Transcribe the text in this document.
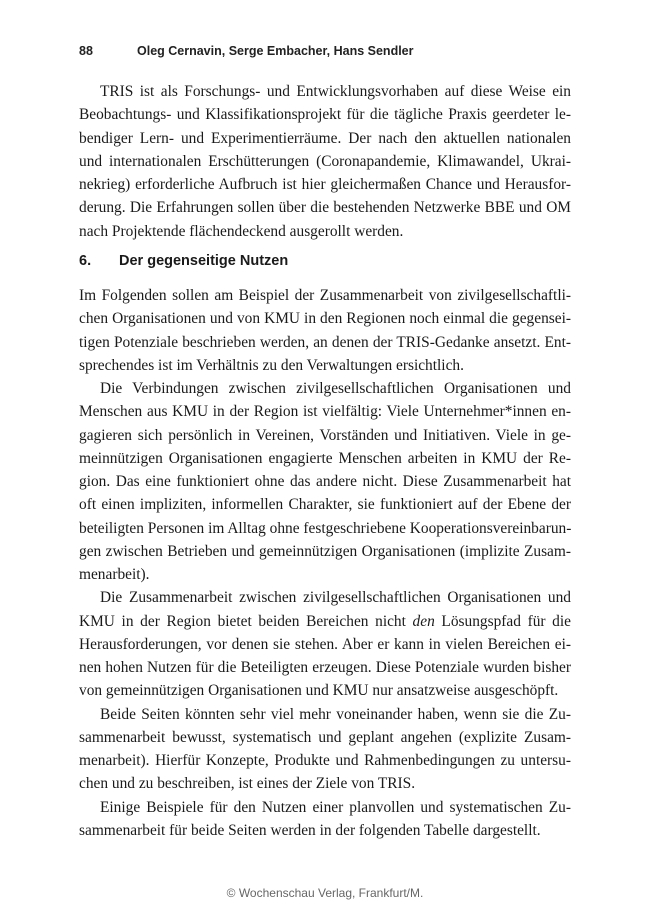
88	Oleg Cernavin, Serge Embacher, Hans Sendler

TRIS ist als Forschungs- und Entwicklungsvorhaben auf diese Weise ein
Beobachtungs- und Klassifikationsprojekt für die tägliche Praxis geerdeter le-
bendiger Lern- und Experimentierräume. Der nach den aktuellen nationalen
und internationalen Erschütterungen (Coronapandemie, Klimawandel, Ukrai-
nekrieg) erforderliche Aufbruch ist hier gleichermaßen Chance und Herausfor-
derung. Die Erfahrungen sollen über die bestehenden Netzwerke BBE und OM
nach Projektende flächendeckend ausgerollt werden.

6. Der gegenseitige Nutzen

Im Folgenden sollen am Beispiel der Zusammenarbeit von zivilgesellschaftli-
chen Organisationen und von KMU in den Regionen noch einmal die gegensei-
tigen Potenziale beschrieben werden, an denen der TRIS-Gedanke ansetzt. Ent-
sprechendes ist im Verhältnis zu den Verwaltungen ersichtlich.

Die Verbindungen zwischen zivilgesellschaftlichen Organisationen und
Menschen aus KMU in der Region ist vielfältig: Viele Unternehmer*innen en-
gagieren sich persönlich in Vereinen, Vorständen und Initiativen. Viele in ge-
meinnützigen Organisationen engagierte Menschen arbeiten in KMU der Re-
gion. Das eine funktioniert ohne das andere nicht. Diese Zusammenarbeit hat
oft einen impliziten, informellen Charakter, sie funktioniert auf der Ebene der
beteiligten Personen im Alltag ohne festgeschriebene Kooperationsvereinbarun-
gen zwischen Betrieben und gemeinnützigen Organisationen (implizite Zusam-
menarbeit).

Die Zusammenarbeit zwischen zivilgesellschaftlichen Organisationen und
KMU in der Region bietet beiden Bereichen nicht den Lösungspfad für die
Herausforderungen, vor denen sie stehen. Aber er kann in vielen Bereichen ei-
nen hohen Nutzen für die Beteiligten erzeugen. Diese Potenziale wurden bisher
von gemeinnützigen Organisationen und KMU nur ansatzweise ausgeschöpft.

Beide Seiten könnten sehr viel mehr voneinander haben, wenn sie die Zu-
sammenarbeit bewusst, systematisch und geplant angehen (explizite Zusam-
menarbeit). Hierfür Konzepte, Produkte und Rahmenbedingungen zu untersu-
chen und zu beschreiben, ist eines der Ziele von TRIS.

Einige Beispiele für den Nutzen einer planvollen und systematischen Zu-
sammenarbeit für beide Seiten werden in der folgenden Tabelle dargestellt.

© Wochenschau Verlag, Frankfurt/M.
